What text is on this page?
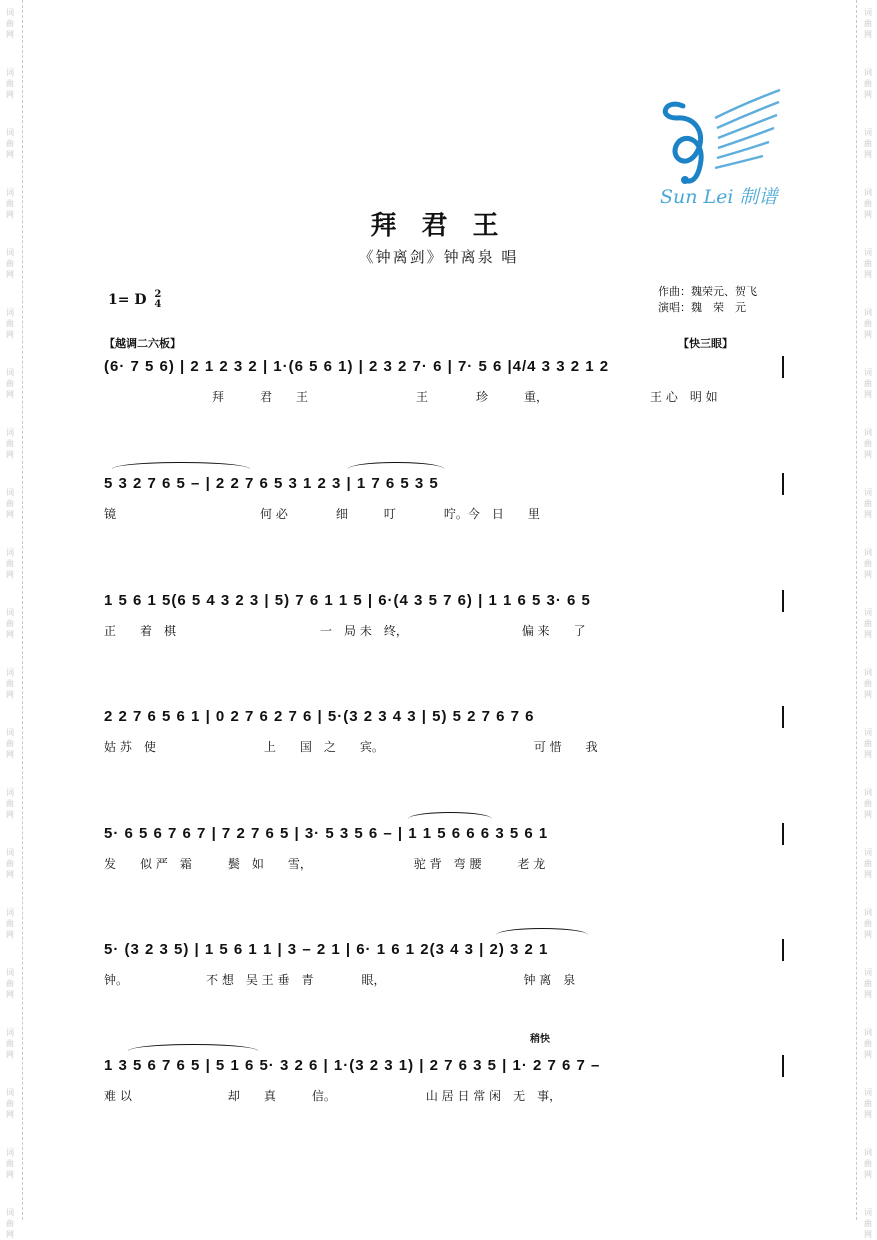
词
曲
网
词
曲
网
词
曲
网
词
曲
网
词
曲
网
词
曲
网
词
曲
网
词
曲
网
词
曲
网
词
曲
网
词
曲
网
词
曲
网
词
曲
网
词
曲
网
词
曲
网
词
曲
网
词
曲
网
词
曲
网
词
曲
网
词
曲
网
词
曲
网
词
曲
网
词
曲
网
词
曲
网
词
曲
网
词
曲
网
词
曲
网
词
曲
网
词
曲
网
词
曲
网
词
曲
网
词
曲
网
词
曲
网
词
曲
网
词
曲
网
词
曲
网
词
曲
网
词
曲
网
词
曲
网
词
曲
网
词
曲
网
词
曲
网
Sun Lei 制谱
拜 君 王
《钟离剑》钟离泉 唱
1= D 2
4
作曲：魏荣元、贺飞
演唱：魏　荣　元
【越调二六板】	【快三眼】
稍快
(6· 7 5 6) | 2 1 2 3 2 | 1·(6 5 6 1) | 2 3 2 7· 6 | 7· 5 6 |4/4 3 3 2 1 2
拜　　　君　　王　　　　　　　　　王　　　　珍　　　重，　　　　　　　　　王 心　明 如
5 3 2 7 6 5 – | 2 2 7 6 5 3 1 2 3 | 1 7 6 5 3 5
镜　　　　　　　　　　　　何 必　　　　细　　　叮　　　　咛。今　日　　里
1 5 6 1 5(6 5 4 3 2 3 | 5) 7 6 1 1 5 | 6·(4 3 5 7 6) | 1 1 6 5 3· 6 5
正　　着　棋　　　　　　　　　　　　一　局 未　终，　　　　　　　　　　偏 来　　了
2 2 7 6 5 6 1 | 0 2 7 6 2 7 6 | 5·(3 2 3 4 3 | 5) 5 2 7 6 7 6
姑 苏　使　　　　　　　　　上　　国　之　　宾。　　　　　　　　　　　　　可 惜　　我
5· 6 5 6 7 6 7 | 7 2 7 6 5 | 3· 5 3 5 6 – | 1 1 5 6 6 6 3 5 6 1
发　　似 严　霜　　　鬓　如　　雪，　　　　　　　　　驼 背　弯 腰　　　老 龙
5· (3 2 3 5) | 1 5 6 1 1 | 3 – 2 1 | 6· 1 6 1 2(3 4 3 | 2) 3 2 1
钟。　　　　　　　不 想　吴 王 垂　青　　　　眼，　　　　　　　　　　　　钟 离　泉
1 3 5 6 7 6 5 | 5 1 6 5· 3 2 6 | 1·(3 2 3 1) | 2 7 6 3 5 | 1· 2 7 6 7 –
难 以　　　　　　　　却　　真　　　信。　　　　　　　　山 居 日 常 闲　无　事，
